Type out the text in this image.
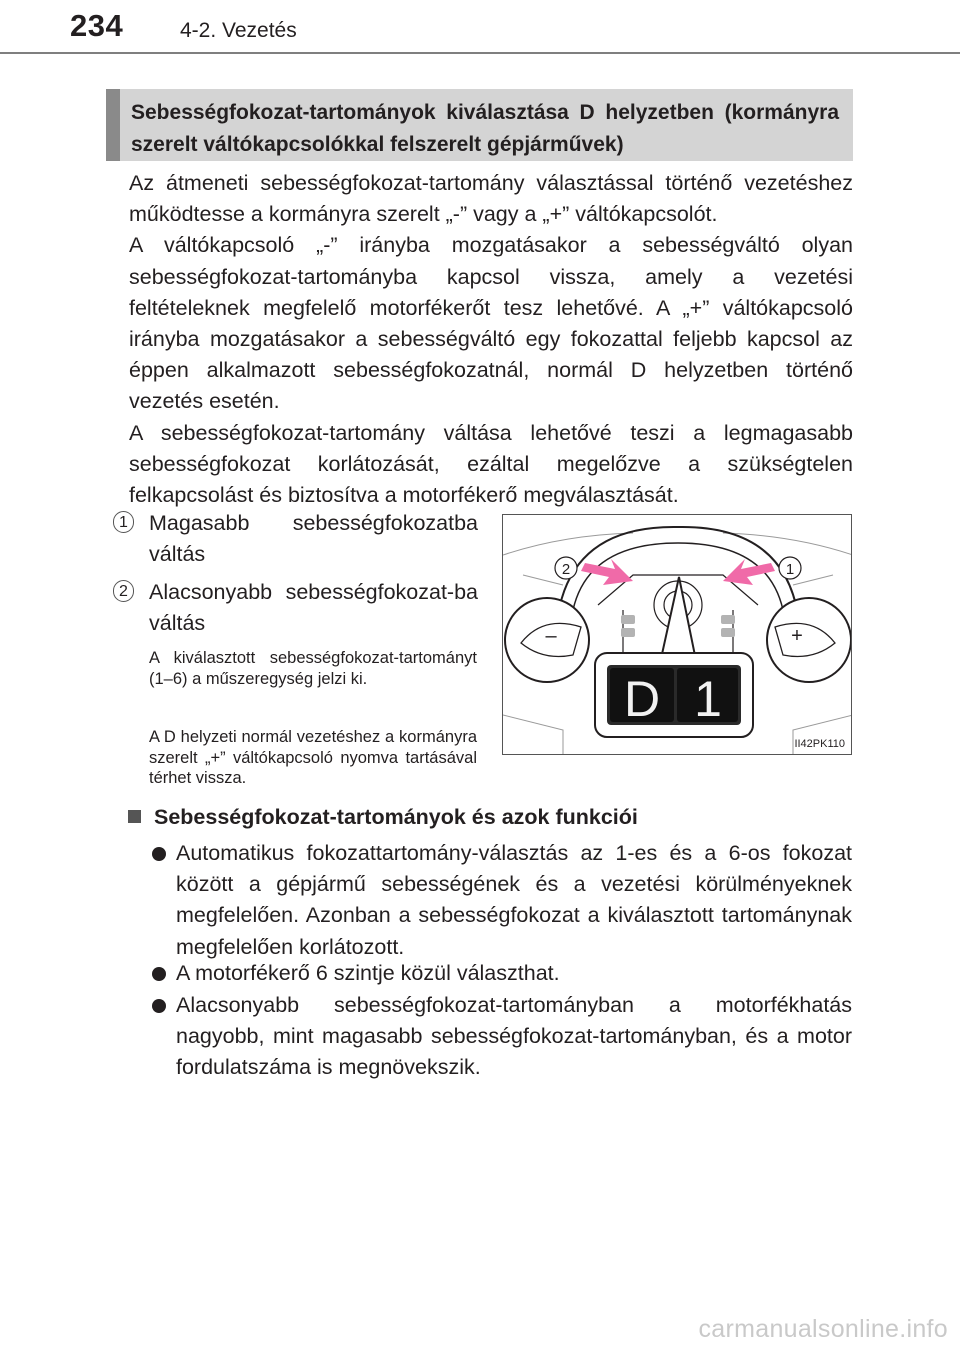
234	4-2. Vezetés
Sebességfokozat-tartományok kiválasztása D helyzetben (kormányra szerelt váltókapcsolókkal felszerelt gépjárművek)

Az átmeneti sebességfokozat-tartomány választással történő vezetéshez működtesse a kormányra szerelt „-” vagy a „+” váltókapcsolót.

A váltókapcsoló „-” irányba mozgatásakor a sebességváltó olyan sebességfokozat-tartományba kapcsol vissza, amely a vezetési feltételeknek megfelelő motorfékerőt tesz lehetővé. A „+” váltókapcsoló irányba mozgatásakor a sebességváltó egy fokozattal feljebb kapcsol az éppen alkalmazott sebességfokozatnál, normál D helyzetben történő vezetés esetén.

A sebességfokozat-tartomány váltása lehetővé teszi a legmagasabb sebességfokozat korlátozását, ezáltal megelőzve a szükségtelen felkapcsolást és biztosítva a motorfékerő megválasztását.

1 Magasabb sebességfokozatba váltás
2 Alacsonyabb sebességfokozat-ba váltás
A kiválasztott sebességfokozat-tartományt (1–6) a műszeregység jelzi ki.
A D helyzeti normál vezetéshez a kormányra szerelt „+” váltókapcsoló nyomva tartásával térhet vissza.
2	1
–	+
D 1
II42PK110
Sebességfokozat-tartományok és azok funkciói
Automatikus fokozattartomány-választás az 1-es és a 6-os fokozat között a gépjármű sebességének és a vezetési körülményeknek megfelelően. Azonban a sebességfokozat a kiválasztott tartománynak megfelelően korlátozott.
A motorfékerő 6 szintje közül választhat.
Alacsonyabb sebességfokozat-tartományban a motorfékhatás nagyobb, mint magasabb sebességfokozat-tartományban, és a motor fordulatszáma is megnövekszik.
carmanualsonline.info
